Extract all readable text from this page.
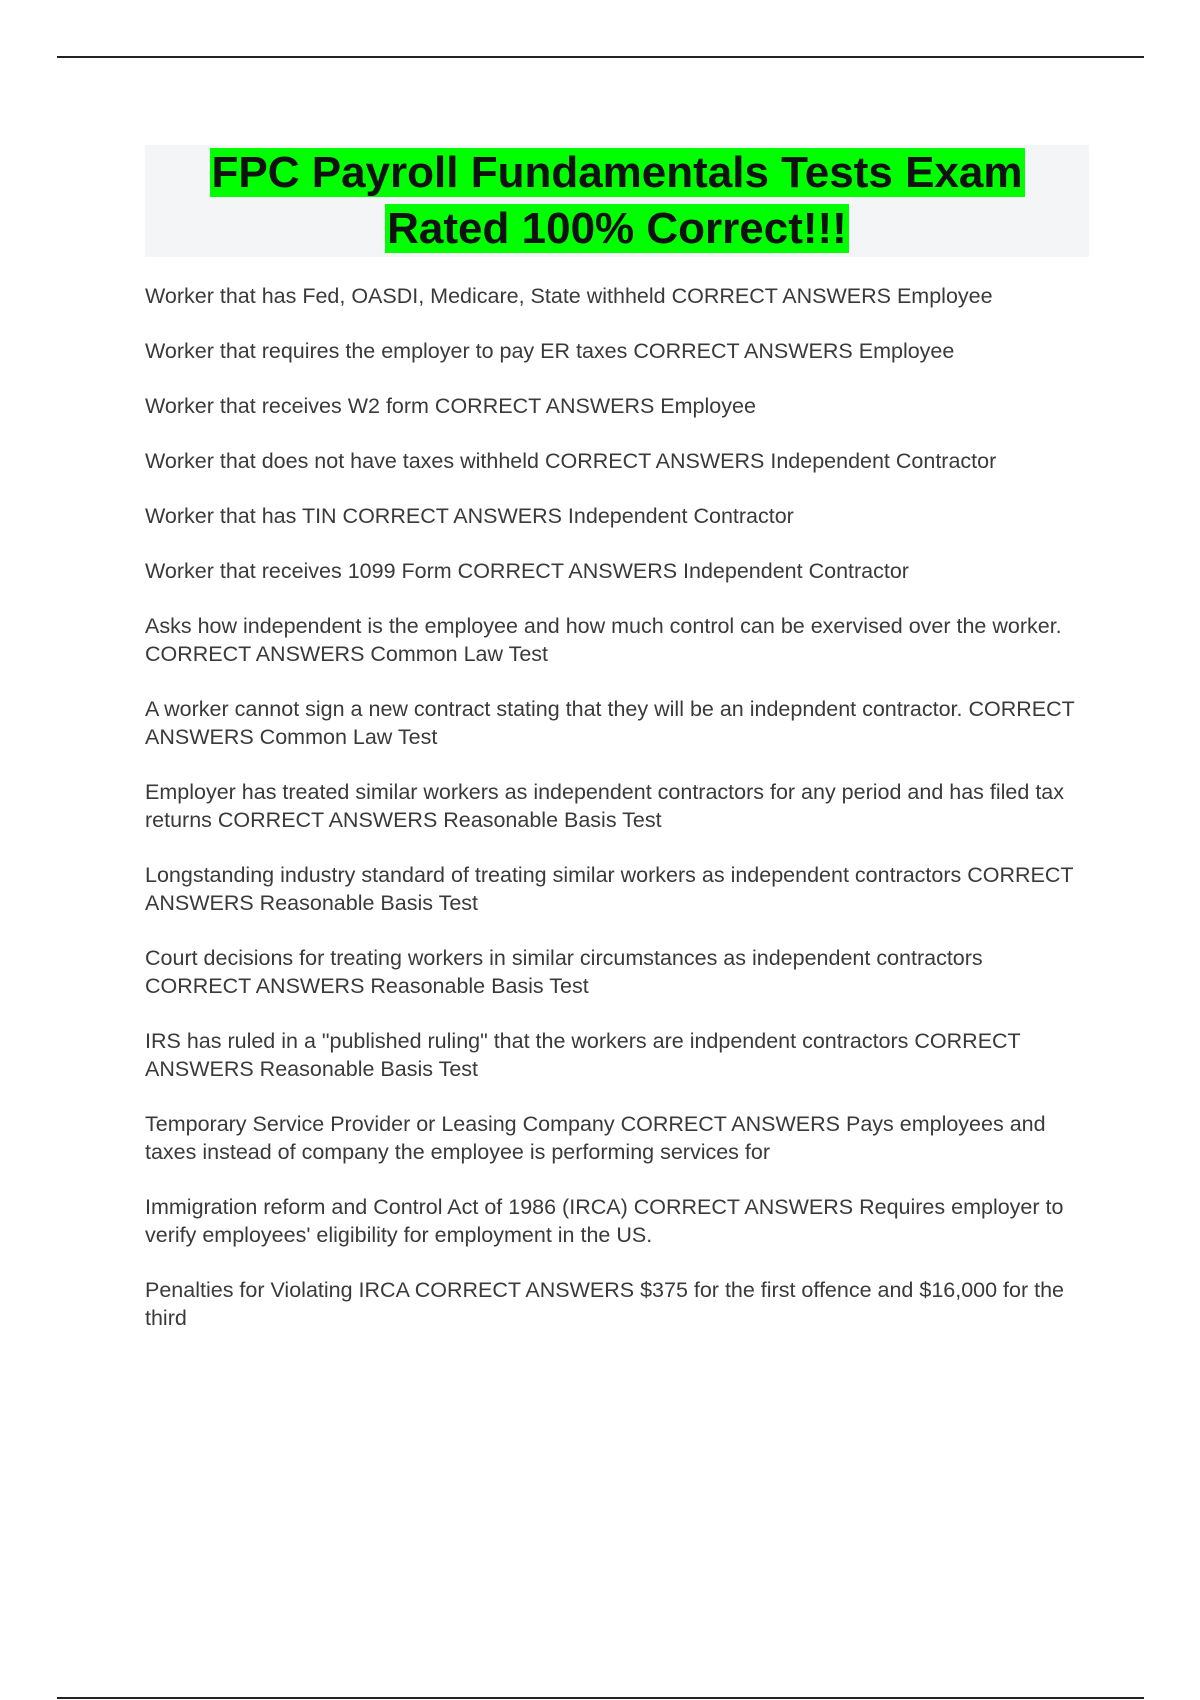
FPC Payroll Fundamentals Tests Exam
Rated 100% Correct!!!
Worker that has Fed, OASDI, Medicare, State withheld CORRECT ANSWERS Employee
Worker that requires the employer to pay ER taxes CORRECT ANSWERS Employee
Worker that receives W2 form CORRECT ANSWERS Employee
Worker that does not have taxes withheld CORRECT ANSWERS Independent Contractor
Worker that has TIN CORRECT ANSWERS Independent Contractor
Worker that receives 1099 Form CORRECT ANSWERS Independent Contractor
Asks how independent is the employee and how much control can be exervised over the worker. CORRECT ANSWERS Common Law Test
A worker cannot sign a new contract stating that they will be an indepndent contractor. CORRECT ANSWERS Common Law Test
Employer has treated similar workers as independent contractors for any period and has filed tax returns CORRECT ANSWERS Reasonable Basis Test
Longstanding industry standard of treating similar workers as independent contractors CORRECT ANSWERS Reasonable Basis Test
Court decisions for treating workers in similar circumstances as independent contractors CORRECT ANSWERS Reasonable Basis Test
IRS has ruled in a "published ruling" that the workers are indpendent contractors CORRECT ANSWERS Reasonable Basis Test
Temporary Service Provider or Leasing Company CORRECT ANSWERS Pays employees and taxes instead of company the employee is performing services for
Immigration reform and Control Act of 1986 (IRCA) CORRECT ANSWERS Requires employer to verify employees' eligibility for employment in the US.
Penalties for Violating IRCA CORRECT ANSWERS $375 for the first offence and $16,000 for the third
